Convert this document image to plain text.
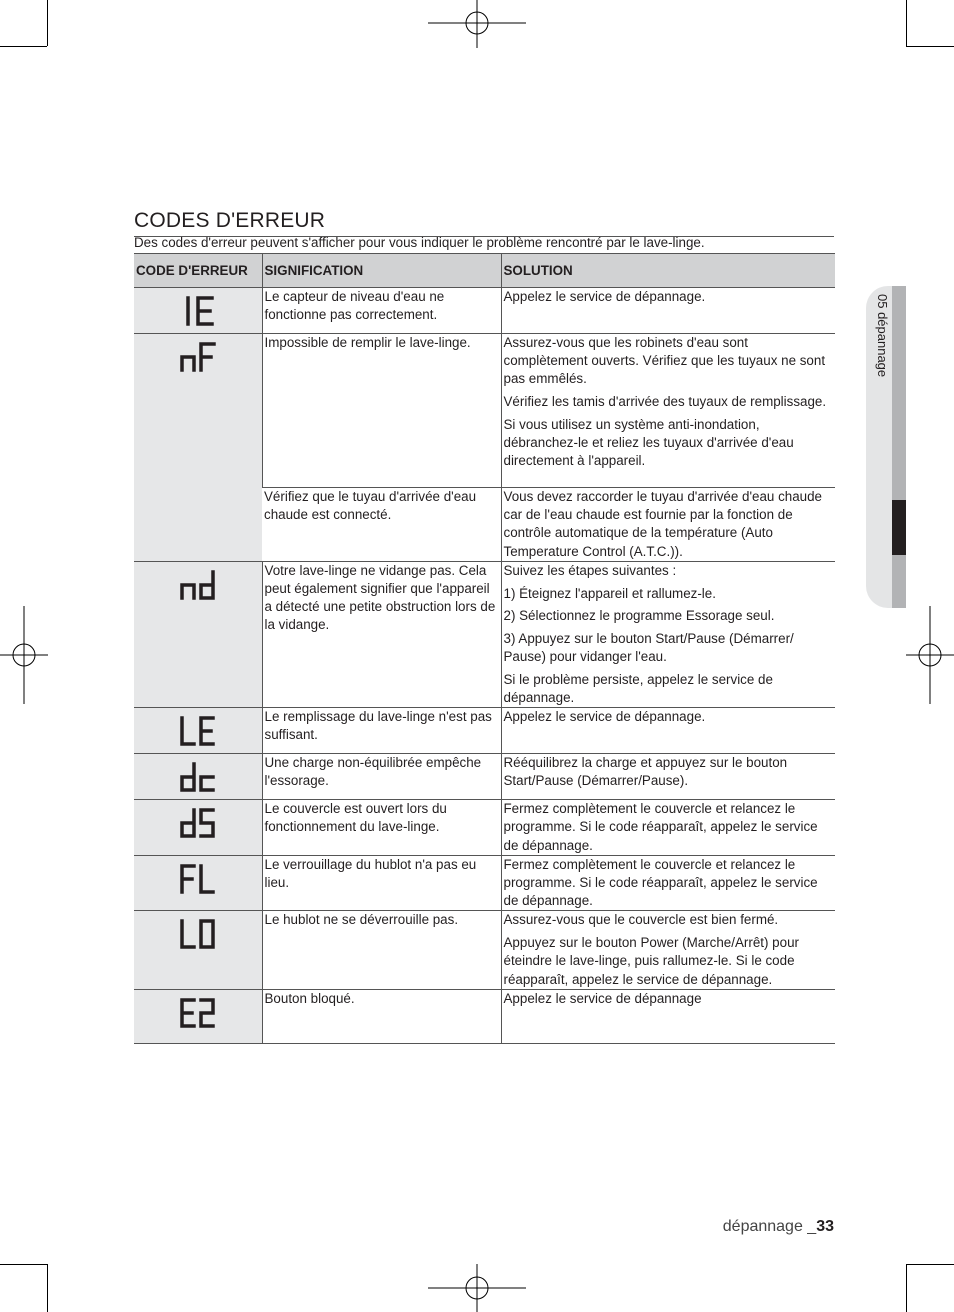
05 dépannage
CODES D'ERREUR
Des codes d'erreur peuvent s'afficher pour vous indiquer le problème rencontré par le lave-linge.
CODE D'ERREUR	SIGNIFICATION	SOLUTION

	Le capteur de niveau d'eau ne fonctionne pas correctement.	Appelez le service de dépannage.

	Impossible de remplir le lave-linge.	Assurez-vous que les robinets d'eau sont complètement ouverts. Vérifiez que les tuyaux ne sont pas emmêlés.
Vérifiez les tamis d'arrivée des tuyaux de remplissage.
Si vous utilisez un système anti-inondation, débranchez-le et reliez les tuyaux d'arrivée d'eau directement à l'appareil.

	Vérifiez que le tuyau d'arrivée d'eau chaude est connecté.	Vous devez raccorder le tuyau d'arrivée d'eau chaude car de l'eau chaude est fournie par la fonction de contrôle automatique de la température (Auto Temperature Control (A.T.C.)).

	Votre lave-linge ne vidange pas. Cela peut également signifier que l'appareil a détecté une petite obstruction lors de la vidange.	Suivez les étapes suivantes :
1) Éteignez l'appareil et rallumez-le.
2) Sélectionnez le programme Essorage seul.
3) Appuyez sur le bouton Start/Pause (Démarrer/ Pause) pour vidanger l'eau.
Si le problème persiste, appelez le service de dépannage.

	Le remplissage du lave-linge n'est pas suffisant.	Appelez le service de dépannage.

	Une charge non-équilibrée empêche l'essorage.	Rééquilibrez la charge et appuyez sur le bouton Start/Pause (Démarrer/Pause).

	Le couvercle est ouvert lors du fonctionnement du lave-linge.	Fermez complètement le couvercle et relancez le programme. Si le code réapparaît, appelez le service de dépannage.

	Le verrouillage du hublot n'a pas eu lieu.	Fermez complètement le couvercle et relancez le programme. Si le code réapparaît, appelez le service de dépannage.

	Le hublot ne se déverrouille pas.	Assurez-vous que le couvercle est bien fermé.
Appuyez sur le bouton Power (Marche/Arrêt) pour éteindre le lave-linge, puis rallumez-le. Si le code réapparaît, appelez le service de dépannage.

	Bouton bloqué.	Appelez le service de dépannage
dépannage _33
